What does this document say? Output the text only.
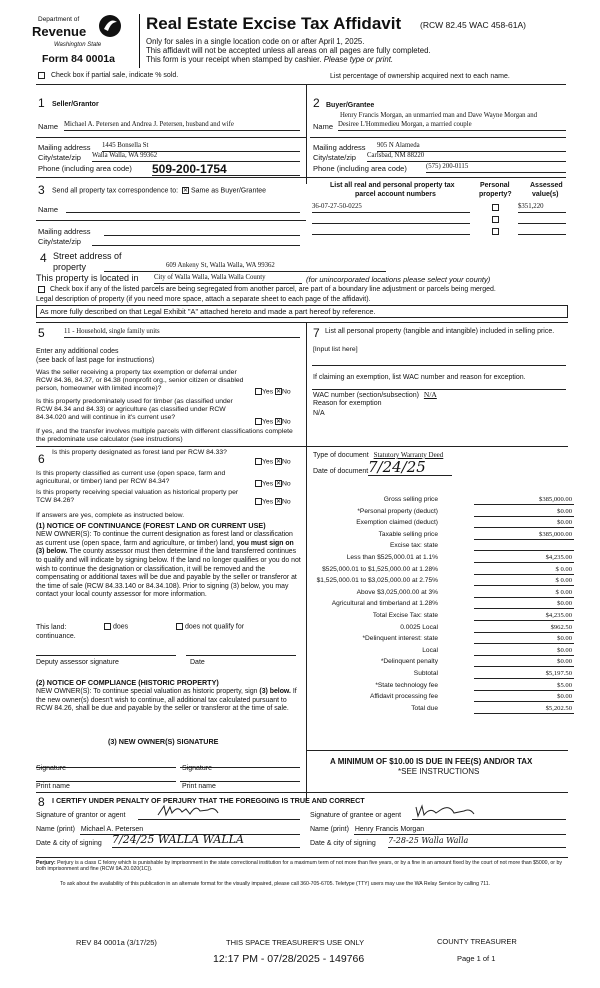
Department of
Revenue
Washington State
Form 84 0001a
Real Estate Excise Tax Affidavit (RCW 82.45 WAC 458-61A)
Only for sales in a single location code on or after April 1, 2025.
This affidavit will not be accepted unless all areas on all pages are fully completed.
This form is your receipt when stamped by cashier. Please type or print.
Check box if partial sale, indicate % sold.	List percentage of ownership acquired next to each name.
1 Seller/Grantor
Name Michael A. Petersen and Andrea J. Petersen, husband and wife
Mailing address 1445 Bonsella St
City/state/zip Walla Walla, WA 99362
Phone (including area code) 509-200-1754
2 Buyer/Grantee
Henry Francis Morgan, an unmarried man and Dave Wayne Morgan and
Name Desiree L'Hommedieu Morgan, a married couple
Mailing address 905 N Alameda
City/state/zip Carlsbad, NM 88220
Phone (including area code)	(575) 200-0115
3 Send all property tax correspondence to: ✕ Same as Buyer/Grantee
Name
Mailing address
City/state/zip
List all real and personal property tax
parcel account numbers
Personal
property?
Assessed
value(s)
36-07-27-50-0225	$351,220
4 Street address of
property	609 Ankeny St, Walla Walla, WA 99362
This property is located in City of Walla Walla, Walla Walla County	(for unincorporated locations please select your county)
Check box if any of the listed parcels are being segregated from another parcel, are part of a boundary line adjustment or parcels being merged.
Legal description of property (if you need more space, attach a separate sheet to each page of the affidavit).
As more fully described on that Legal Exhibit "A" attached hereto and made a part hereof by reference.
5	11 - Household, single family units
Enter any additional codes
(see back of last page for instructions)
Was the seller receiving a property tax exemption or deferral under RCW 84.36, 84.37, or 84.38 (nonprofit org., senior citizen or disabled person, homeowner with limited income)?	Yes ✕No
Is this property predominately used for timber (as classified under RCW 84.34 and 84.33) or agriculture (as classified under RCW 84.34.020 and will continue in it's current use?
Yes ✕No
If yes, and the transfer involves multiple parcels with different classifications complete the predominate use calculator (see instructions)
6 Is this property designated as forest land per RCW 84.33?
Yes ✕No
Is this property classified as current use (open space, farm and agricultural, or timber) land per RCW 84.34?	Yes ✕No
Is this property receiving special valuation as historical property per TCW 84.26?	Yes ✕No
If answers are yes, complete as instructed below.
(1) NOTICE OF CONTINUANCE (FOREST LAND OR CURRENT USE)
NEW OWNER(S): To continue the current designation as forest land or classification as current use (open space, farm and agriculture, or timber) land, you must sign on (3) below. The county assessor must then determine if the land transferred continues to qualify and will indicate by signing below. If the land no longer qualifies or you do not wish to continue the designation or classification, it will be removed and the compensating or additional taxes will be due and payable by the seller or transferor at the time of sale (RCW 84.33.140 or 84.34.108). Prior to signing (3) below, you may contact your local county assessor for more information.
This land:	does	does not qualify for
continuance.
Deputy assessor signature	Date
(2) NOTICE OF COMPLIANCE (HISTORIC PROPERTY)
NEW OWNER(S): To continue special valuation as historic property, sign (3) below. If the new owner(s) doesn't wish to continue, all additional tax calculated pursuant to RCW 84.26, shall be due and payable by the seller or transferor at the time of sale.
(3) NEW OWNER(S) SIGNATURE
Signature	Signature
Print name	Print name
7 List all personal property (tangible and intangible) included in selling price.
[Input list here]
If claiming an exemption, list WAC number and reason for exception.
WAC number (section/subsection) N/A
Reason for exemption
N/A
Type of document Statutory Warranty Deed
Date of document 7/24/25
Gross selling price	$385,000.00
*Personal property (deduct)	$0.00
Exemption claimed (deduct)	$0.00
Taxable selling price	$385,000.00
Excise tax: state

Less than $525,000.01 at 1.1%	$4,235.00
$525,000.01 to $1,525,000.00 at 1.28%	$ 0.00
$1,525,000.01 to $3,025,000.00 at 2.75%	$ 0.00
Above $3,025,000.00 at 3%	$ 0.00
Agricultural and timberland at 1.28%	$0.00
Total Excise Tax: state	$4,235.00
0.0025 Local	$962.50
*Delinquent interest: state	$0.00
Local	$0.00
*Delinquent penalty	$0.00
Subtotal	$5,197.50
*State technology fee	$5.00
Affidavit processing fee	$0.00
Total due	$5,202.50
A MINIMUM OF $10.00 IS DUE IN FEE(S) AND/OR TAX
*SEE INSTRUCTIONS
8 I CERTIFY UNDER PENALTY OF PERJURY THAT THE FOREGOING IS TRUE AND CORRECT
Signature of grantor or agent	Signature of grantee or agent
Name (print) Michael A. Petersen	Name (print) Henry Francis Morgan
Date & city of signing 7/24/25 WALLA WALLA	Date & city of signing 7-28-25 Walla Walla
Perjury: Perjury is a class C felony which is punishable by imprisonment in the state correctional institution for a maximum term of not more than five years, or by a fine in an amount fixed by the court of not more than $5000, or by both imprisonment and fine (RCW 9A.20.020(1C)).
To ask about the availability of this publication in an alternate format for the visually impaired, please call 360-705-6705. Teletype (TTY) users may use the WA Relay Service by calling 711.
REV 84 0001a (3/17/25)	THIS SPACE TREASURER'S USE ONLY	COUNTY TREASURER
12:17 PM - 07/28/2025 - 149766	Page 1 of 1
